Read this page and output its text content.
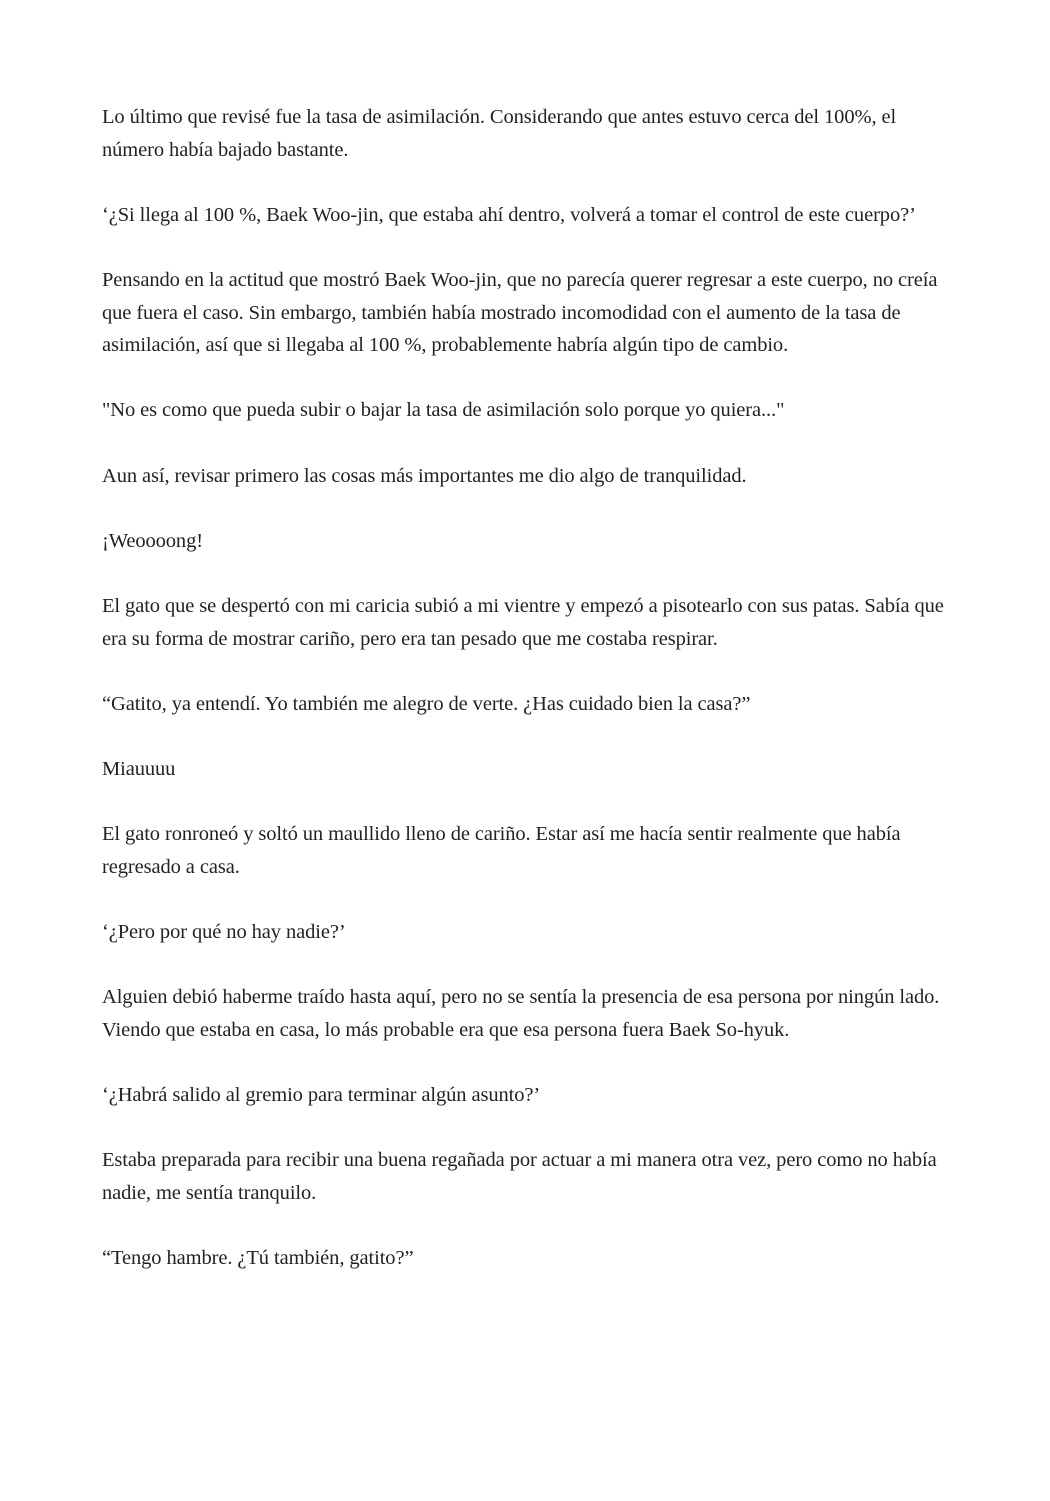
Lo último que revisé fue la tasa de asimilación. Considerando que antes estuvo cerca del 100%, el número había bajado bastante.

‘¿Si llega al 100 %, Baek Woo-jin, que estaba ahí dentro, volverá a tomar el control de este cuerpo?’

Pensando en la actitud que mostró Baek Woo-jin, que no parecía querer regresar a este cuerpo, no creía que fuera el caso. Sin embargo, también había mostrado incomodidad con el aumento de la tasa de asimilación, así que si llegaba al 100 %, probablemente habría algún tipo de cambio.

"No es como que pueda subir o bajar la tasa de asimilación solo porque yo quiera..."

Aun así, revisar primero las cosas más importantes me dio algo de tranquilidad.

¡Weoooong!

El gato que se despertó con mi caricia subió a mi vientre y empezó a pisotearlo con sus patas. Sabía que era su forma de mostrar cariño, pero era tan pesado que me costaba respirar.

“Gatito, ya entendí. Yo también me alegro de verte. ¿Has cuidado bien la casa?”

Miauuuu

El gato ronroneó y soltó un maullido lleno de cariño. Estar así me hacía sentir realmente que había regresado a casa.

‘¿Pero por qué no hay nadie?’

Alguien debió haberme traído hasta aquí, pero no se sentía la presencia de esa persona por ningún lado. Viendo que estaba en casa, lo más probable era que esa persona fuera Baek So-hyuk.

‘¿Habrá salido al gremio para terminar algún asunto?’

Estaba preparada para recibir una buena regañada por actuar a mi manera otra vez, pero como no había nadie, me sentía tranquilo.

“Tengo hambre. ¿Tú también, gatito?”
